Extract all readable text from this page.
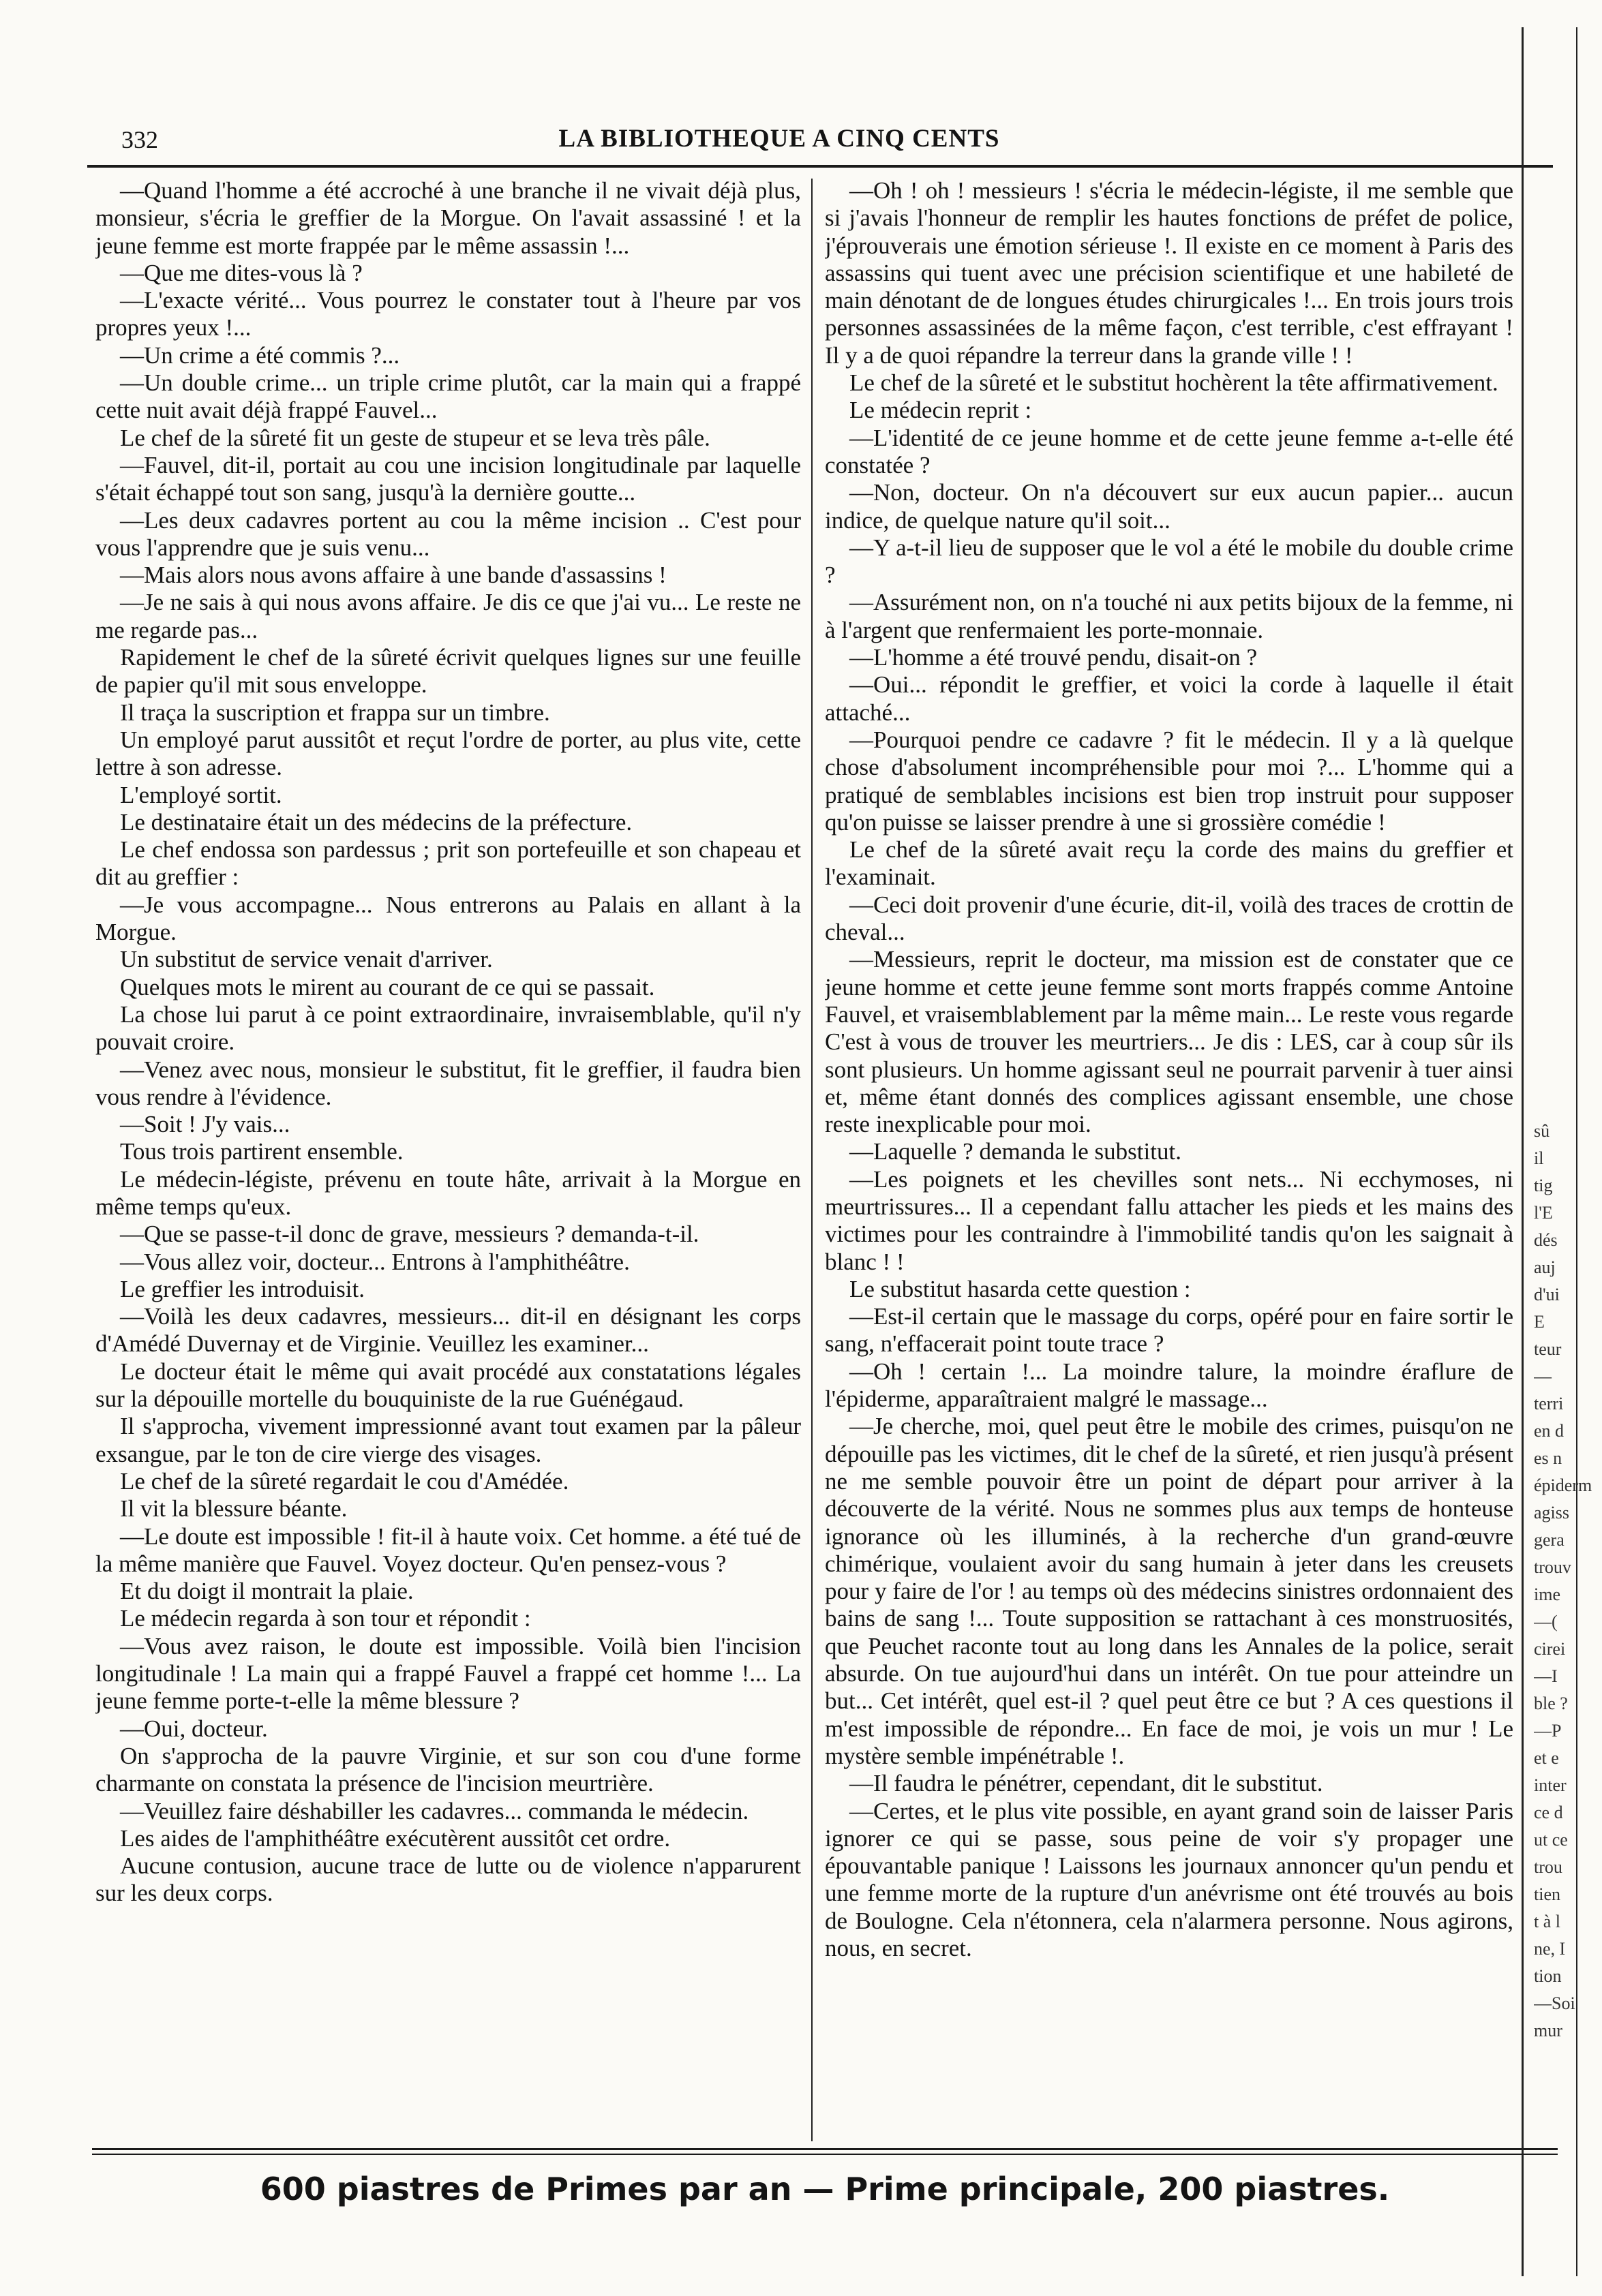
332	LA BIBLIOTHEQUE A CINQ CENTS

—Quand l'homme a été accroché à une branche il ne vivait déjà plus, monsieur, s'écria le greffier de la Morgue. On l'avait assassiné ! et la jeune femme est morte frappée par le même assassin !...

—Que me dites-vous là ?

—L'exacte vérité... Vous pourrez le constater tout à l'heure par vos propres yeux !...

—Un crime a été commis ?...

—Un double crime... un triple crime plutôt, car la main qui a frappé cette nuit avait déjà frappé Fauvel...

Le chef de la sûreté fit un geste de stupeur et se leva très pâle.

—Fauvel, dit-il, portait au cou une incision longitudinale par laquelle s'était échappé tout son sang, jusqu'à la dernière goutte...

—Les deux cadavres portent au cou la même incision .. C'est pour vous l'apprendre que je suis venu...

—Mais alors nous avons affaire à une bande d'assassins !

—Je ne sais à qui nous avons affaire. Je dis ce que j'ai vu... Le reste ne me regarde pas...

Rapidement le chef de la sûreté écrivit quelques lignes sur une feuille de papier qu'il mit sous enveloppe.

Il traça la suscription et frappa sur un timbre.

Un employé parut aussitôt et reçut l'ordre de porter, au plus vite, cette lettre à son adresse.

L'employé sortit.

Le destinataire était un des médecins de la préfecture.

Le chef endossa son pardessus ; prit son portefeuille et son chapeau et dit au greffier :

—Je vous accompagne... Nous entrerons au Palais en allant à la Morgue.

Un substitut de service venait d'arriver.

Quelques mots le mirent au courant de ce qui se passait.

La chose lui parut à ce point extraordinaire, invraisemblable, qu'il n'y pouvait croire.

—Venez avec nous, monsieur le substitut, fit le greffier, il faudra bien vous rendre à l'évidence.

—Soit ! J'y vais...

Tous trois partirent ensemble.

Le médecin-légiste, prévenu en toute hâte, arrivait à la Morgue en même temps qu'eux.

—Que se passe-t-il donc de grave, messieurs ? demanda-t-il.

—Vous allez voir, docteur... Entrons à l'amphithéâtre.

Le greffier les introduisit.

—Voilà les deux cadavres, messieurs... dit-il en désignant les corps d'Amédé Duvernay et de Virginie. Veuillez les examiner...

Le docteur était le même qui avait procédé aux constatations légales sur la dépouille mortelle du bouquiniste de la rue Guénégaud.

Il s'approcha, vivement impressionné avant tout examen par la pâleur exsangue, par le ton de cire vierge des visages.

Le chef de la sûreté regardait le cou d'Amédée.

Il vit la blessure béante.

—Le doute est impossible ! fit-il à haute voix. Cet homme. a été tué de la même manière que Fauvel. Voyez docteur. Qu'en pensez-vous ?

Et du doigt il montrait la plaie.

Le médecin regarda à son tour et répondit :

—Vous avez raison, le doute est impossible. Voilà bien l'incision longitudinale ! La main qui a frappé Fauvel a frappé cet homme !... La jeune femme porte-t-elle la même blessure ?

—Oui, docteur.

On s'approcha de la pauvre Virginie, et sur son cou d'une forme charmante on constata la présence de l'incision meurtrière.

—Veuillez faire déshabiller les cadavres... commanda le médecin.

Les aides de l'amphithéâtre exécutèrent aussitôt cet ordre.

Aucune contusion, aucune trace de lutte ou de violence n'apparurent sur les deux corps.

—Oh ! oh ! messieurs ! s'écria le médecin-légiste, il me semble que si j'avais l'honneur de remplir les hautes fonctions de préfet de police, j'éprouverais une émotion sérieuse !. Il existe en ce moment à Paris des assassins qui tuent avec une précision scientifique et une habileté de main dénotant de de longues études chirurgicales !... En trois jours trois personnes assassinées de la même façon, c'est terrible, c'est effrayant ! Il y a de quoi répandre la terreur dans la grande ville ! !

Le chef de la sûreté et le substitut hochèrent la tête affirmativement.

Le médecin reprit :

—L'identité de ce jeune homme et de cette jeune femme a-t-elle été constatée ?

—Non, docteur. On n'a découvert sur eux aucun papier... aucun indice, de quelque nature qu'il soit...

—Y a-t-il lieu de supposer que le vol a été le mobile du double crime ?

—Assurément non, on n'a touché ni aux petits bijoux de la femme, ni à l'argent que renfermaient les porte-monnaie.

—L'homme a été trouvé pendu, disait-on ?

—Oui... répondit le greffier, et voici la corde à laquelle il était attaché...

—Pourquoi pendre ce cadavre ? fit le médecin. Il y a là quelque chose d'absolument incompréhensible pour moi ?... L'homme qui a pratiqué de semblables incisions est bien trop instruit pour supposer qu'on puisse se laisser prendre à une si grossière comédie !

Le chef de la sûreté avait reçu la corde des mains du greffier et l'examinait.

—Ceci doit provenir d'une écurie, dit-il, voilà des traces de crottin de cheval...

—Messieurs, reprit le docteur, ma mission est de constater que ce jeune homme et cette jeune femme sont morts frappés comme Antoine Fauvel, et vraisemblablement par la même main... Le reste vous regarde C'est à vous de trouver les meurtriers... Je dis : LES, car à coup sûr ils sont plusieurs. Un homme agissant seul ne pourrait parvenir à tuer ainsi et, même étant donnés des complices agissant ensemble, une chose reste inexplicable pour moi.

—Laquelle ? demanda le substitut.

—Les poignets et les chevilles sont nets... Ni ecchymoses, ni meurtrissures... Il a cependant fallu attacher les pieds et les mains des victimes pour les contraindre à l'immobilité tandis qu'on les saignait à blanc ! !

Le substitut hasarda cette question :

—Est-il certain que le massage du corps, opéré pour en faire sortir le sang, n'effacerait point toute trace ?

—Oh ! certain !... La moindre talure, la moindre éraflure de l'épiderme, apparaîtraient malgré le massage...

—Je cherche, moi, quel peut être le mobile des crimes, puisqu'on ne dépouille pas les victimes, dit le chef de la sûreté, et rien jusqu'à présent ne me semble pouvoir être un point de départ pour arriver à la découverte de la vérité. Nous ne sommes plus aux temps de honteuse ignorance où les illuminés, à la recherche d'un grand-œuvre chimérique, voulaient avoir du sang humain à jeter dans les creusets pour y faire de l'or ! au temps où des médecins sinistres ordonnaient des bains de sang !... Toute supposition se rattachant à ces monstruosités, que Peuchet raconte tout au long dans les Annales de la police, serait absurde. On tue aujourd'hui dans un intérêt. On tue pour atteindre un but... Cet intérêt, quel est-il ? quel peut être ce but ? A ces questions il m'est impossible de répondre... En face de moi, je vois un mur ! Le mystère semble impénétrable !.

—Il faudra le pénétrer, cependant, dit le substitut.

—Certes, et le plus vite possible, en ayant grand soin de laisser Paris ignorer ce qui se passe, sous peine de voir s'y propager une épouvantable panique ! Laissons les journaux annoncer qu'un pendu et une femme morte de la rupture d'un anévrisme ont été trouvés au bois de Boulogne. Cela n'étonnera, cela n'alarmera personne. Nous agirons, nous, en secret.

600 piastres de Primes par an — Prime principale, 200 piastres.
sû
il
tig
l'E
dés
auj
d'ui
E
teur
—
terri
en d
es n
épiderm
agiss
gera
trouv
ime
—(
cirei
—I
ble ?
—P
et e
inter
ce d
ut ce
trou
tien
t à l
ne, I
tion
—Soi
mur
